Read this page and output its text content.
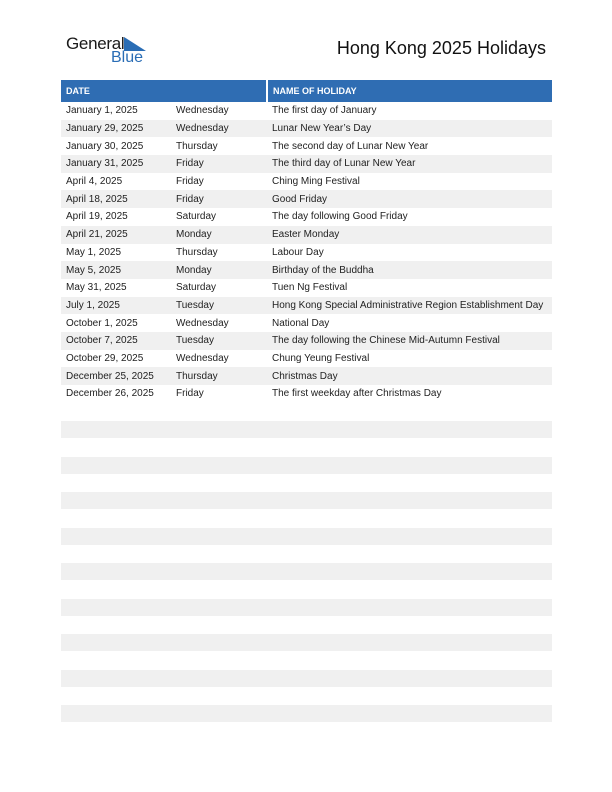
General
Blue	Hong Kong 2025 Holidays
DATE		NAME OF HOLIDAY
January 1, 2025	Wednesday	The first day of January
January 29, 2025	Wednesday	Lunar New Year’s Day
January 30, 2025	Thursday	The second day of Lunar New Year
January 31, 2025	Friday	The third day of Lunar New Year
April 4, 2025	Friday	Ching Ming Festival
April 18, 2025	Friday	Good Friday
April 19, 2025	Saturday	The day following Good Friday
April 21, 2025	Monday	Easter Monday
May 1, 2025	Thursday	Labour Day
May 5, 2025	Monday	Birthday of the Buddha
May 31, 2025	Saturday	Tuen Ng Festival
July 1, 2025	Tuesday	Hong Kong Special Administrative Region Establishment Day
October 1, 2025	Wednesday	National Day
October 7, 2025	Tuesday	The day following the Chinese Mid-Autumn Festival
October 29, 2025	Wednesday	Chung Yeung Festival
December 25, 2025	Thursday	Christmas Day
December 26, 2025	Friday	The first weekday after Christmas Day
